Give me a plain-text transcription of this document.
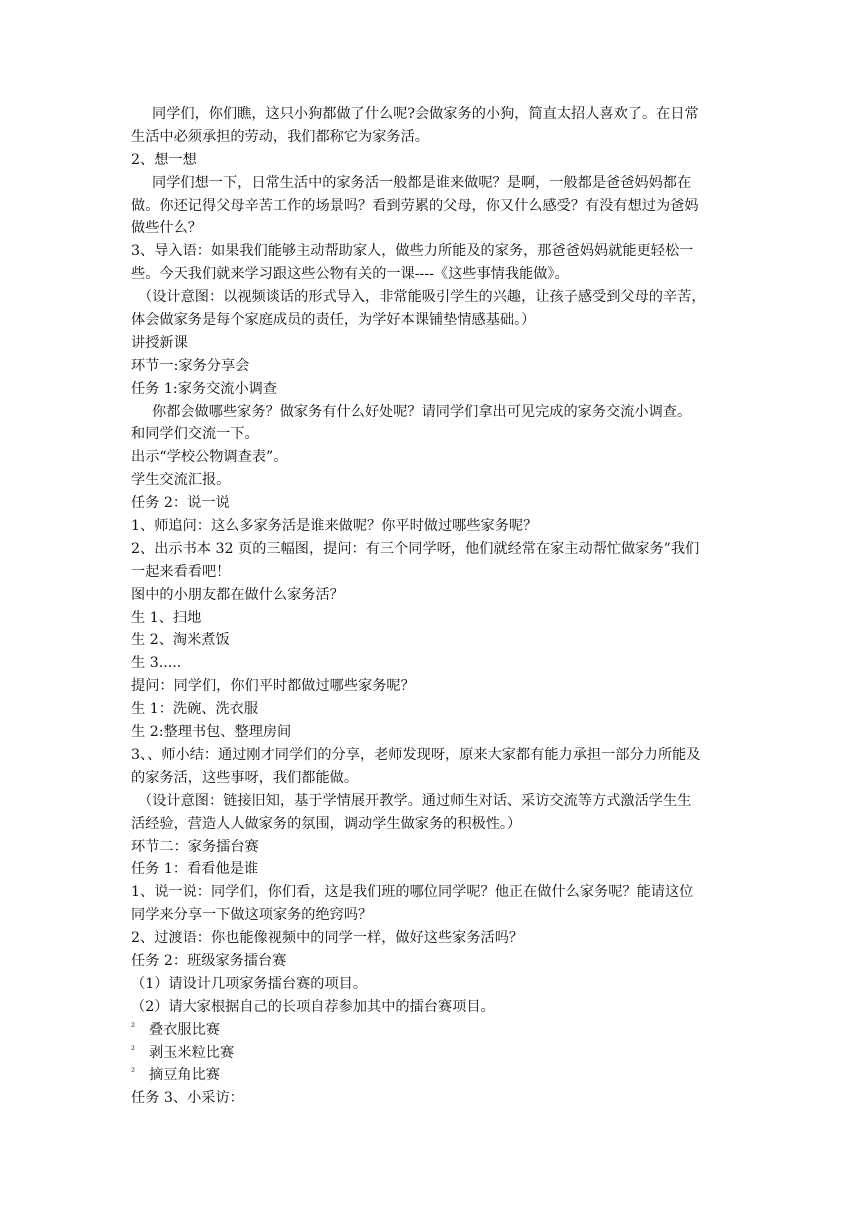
同学们，你们瞧，这只小狗都做了什么呢?会做家务的小狗，简直太招人喜欢了。在日常
生活中必须承担的劳动，我们都称它为家务活。
2、想一想
同学们想一下，日常生活中的家务活一般都是谁来做呢？是啊，一般都是爸爸妈妈都在
做。你还记得父母辛苦工作的场景吗？看到劳累的父母，你又什么感受？有没有想过为爸妈
做些什么？
3、导入语：如果我们能够主动帮助家人，做些力所能及的家务，那爸爸妈妈就能更轻松一
些。今天我们就来学习跟这些公物有关的一课----《这些事情我能做》。
（设计意图：以视频谈话的形式导入，非常能吸引学生的兴趣，让孩子感受到父母的辛苦，
体会做家务是每个家庭成员的责任，为学好本课铺垫情感基础。）
讲授新课
环节一:家务分享会
任务 1:家务交流小调查
你都会做哪些家务？做家务有什么好处呢？请同学们拿出可见完成的家务交流小调查。
和同学们交流一下。
出示“学校公物调查表”。
学生交流汇报。
任务 2：说一说
1、师追问：这么多家务活是谁来做呢？你平时做过哪些家务呢？
2、出示书本 32 页的三幅图，提问：有三个同学呀，他们就经常在家主动帮忙做家务”我们
一起来看看吧！
图中的小朋友都在做什么家务活？
生 1、扫地
生 2、淘米煮饭
生 3.....
提问：同学们，你们平时都做过哪些家务呢？
生 1：洗碗、洗衣服
生 2:整理书包、整理房间
3、、师小结：通过刚才同学们的分享，老师发现呀，原来大家都有能力承担一部分力所能及
的家务活，这些事呀，我们都能做。
（设计意图：链接旧知，基于学情展开教学。通过师生对话、采访交流等方式激活学生生
活经验，营造人人做家务的氛围，调动学生做家务的积极性。）
环节二：家务擂台赛
任务 1：看看他是谁
1、说一说：同学们，你们看，这是我们班的哪位同学呢？他正在做什么家务呢？能请这位
同学来分享一下做这项家务的绝窍吗？
2、过渡语：你也能像视频中的同学一样，做好这些家务活吗？
任务 2：班级家务擂台赛
（1）请设计几项家务擂台赛的项目。
（2）请大家根据自己的长项自荐参加其中的擂台赛项目。
² 叠衣服比赛
² 剥玉米粒比赛
² 摘豆角比赛
任务 3、小采访：
